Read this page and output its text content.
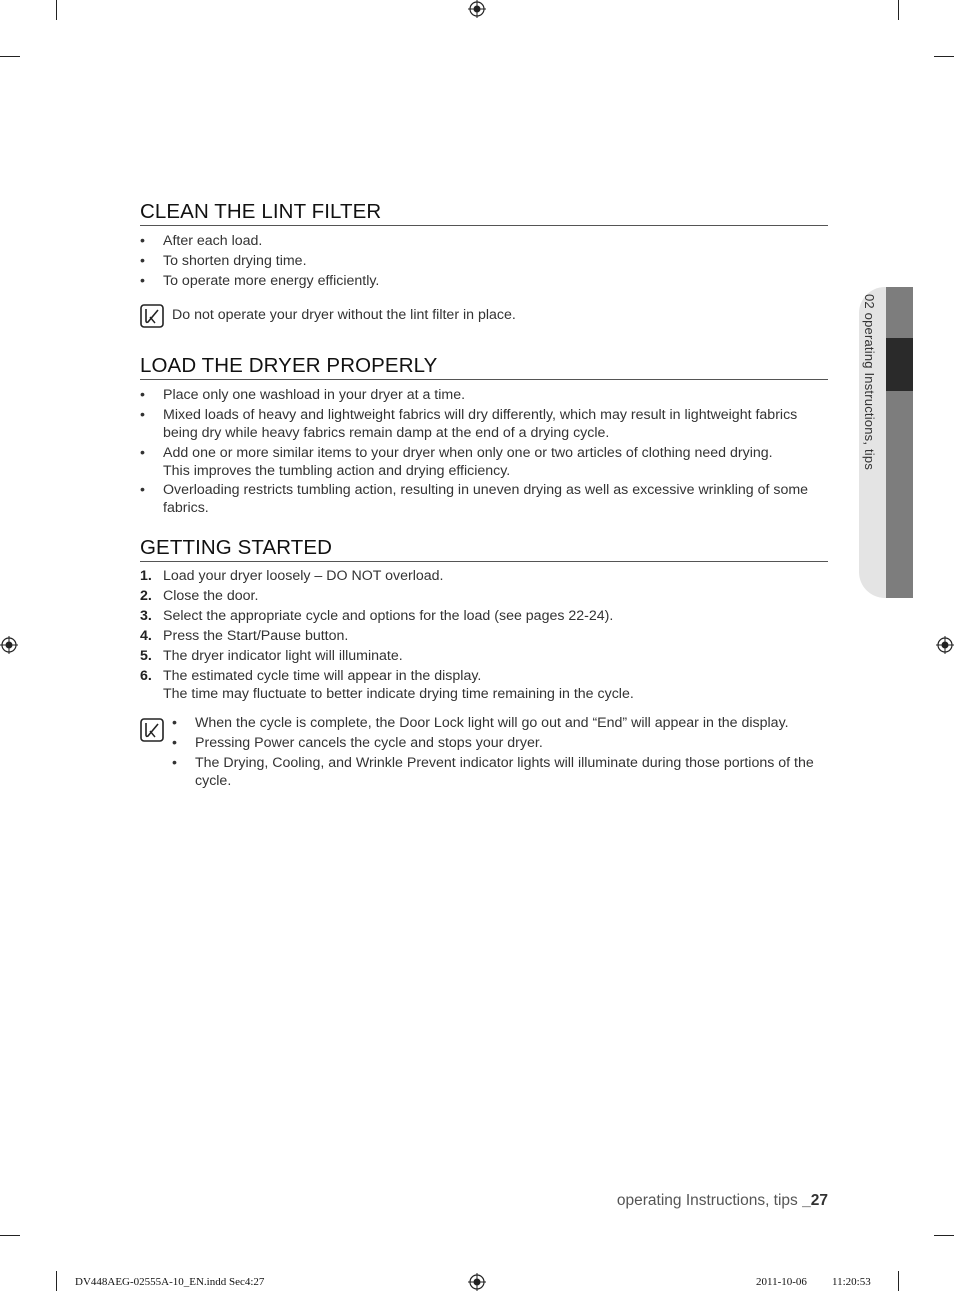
CLEAN THE LINT FILTER
• After each load.
• To shorten drying time.
• To operate more energy efficiently.
Do not operate your dryer without the lint filter in place.
LOAD THE DRYER PROPERLY
• Place only one washload in your dryer at a time.
• Mixed loads of heavy and lightweight fabrics will dry differently, which may result in lightweight fabrics being dry while heavy fabrics remain damp at the end of a drying cycle.
• Add one or more similar items to your dryer when only one or two articles of clothing need drying.
This improves the tumbling action and drying efficiency.
• Overloading restricts tumbling action, resulting in uneven drying as well as excessive wrinkling of some fabrics.
GETTING STARTED
1. Load your dryer loosely – DO NOT overload.
2. Close the door.
3. Select the appropriate cycle and options for the load (see pages 22-24).
4. Press the Start/Pause button.
5. The dryer indicator light will illuminate.
6. The estimated cycle time will appear in the display.
The time may fluctuate to better indicate drying time remaining in the cycle.
• When the cycle is complete, the Door Lock light will go out and “End” will appear in the display.
• Pressing Power cancels the cycle and stops your dryer.
• The Drying, Cooling, and Wrinkle Prevent indicator lights will illuminate during those portions of the cycle.
02 operating Instructions, tips
operating Instructions, tips _27
DV448AEG-02555A-10_EN.indd Sec4:27	2011-10-06 11:20:53
